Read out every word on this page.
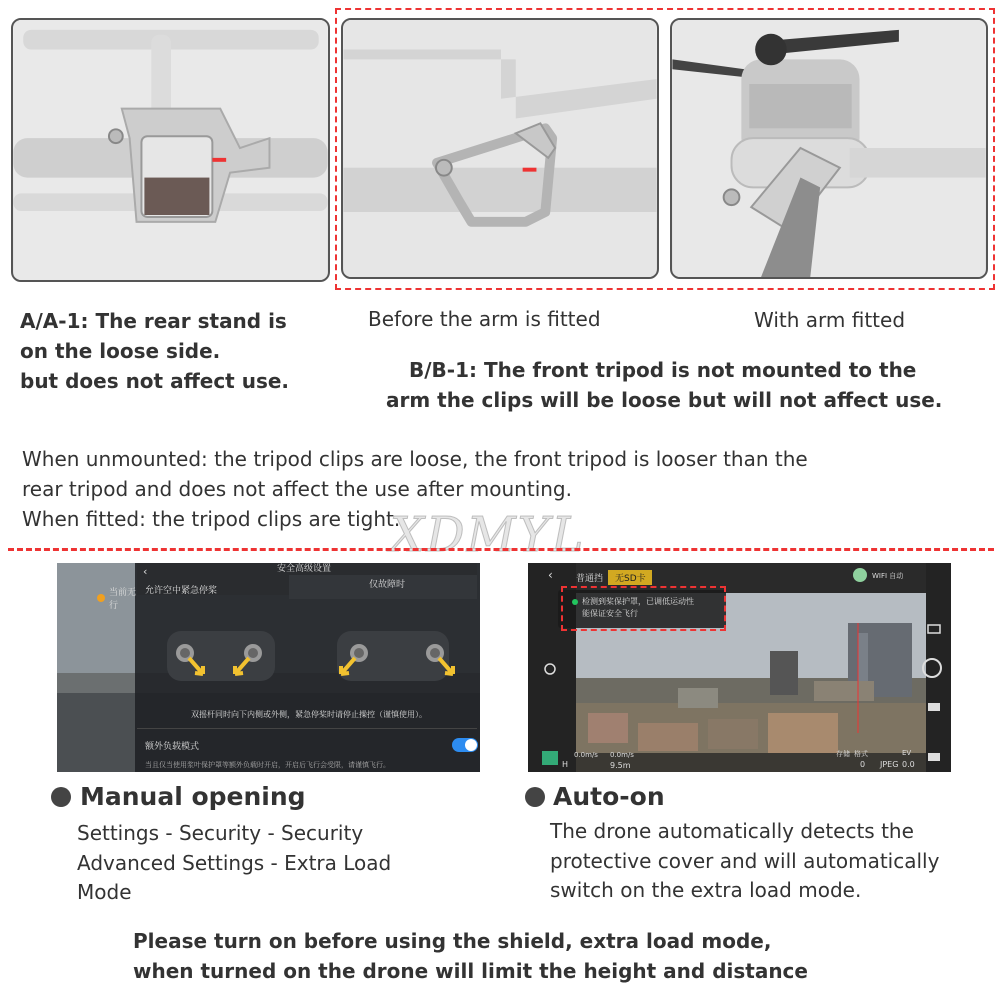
A/A-1: The rear stand is
on the loose side.
but does not affect use.
Before the arm is fitted	With arm fitted
B/B-1: The front tripod is not mounted to the
arm the clips will be loose but will not affect use.
When unmounted: the tripod clips are loose, the front tripod is looser than the
rear tripod and does not affect the use after mounting.
When fitted: the tripod clips are tight.
XDMYL
安全高级设置
‹
当前无
行
允许空中紧急停桨
仅故障时
双摇杆同时向下内侧或外侧，紧急停桨时请停止操控（谨慎使用）。
额外负载模式
当且仅当使用浆叶保护罩等额外负载时开启，开启后飞行会受限，请谨慎飞行。
‹	普通挡 无SD卡	WIFI 自动
检测到桨保护罩，已调低运动性
能保证安全飞行
0.0m/s 0.0m/s
H	9.5m
存储 格式	EV
0 JPEG 0.0
Manual opening
Settings - Security - Security
Advanced Settings - Extra Load
Mode
Auto-on
The drone automatically detects the
protective cover and will automatically
switch on the extra load mode.
Please turn on before using the shield, extra load mode,
when turned on the drone will limit the height and distance
